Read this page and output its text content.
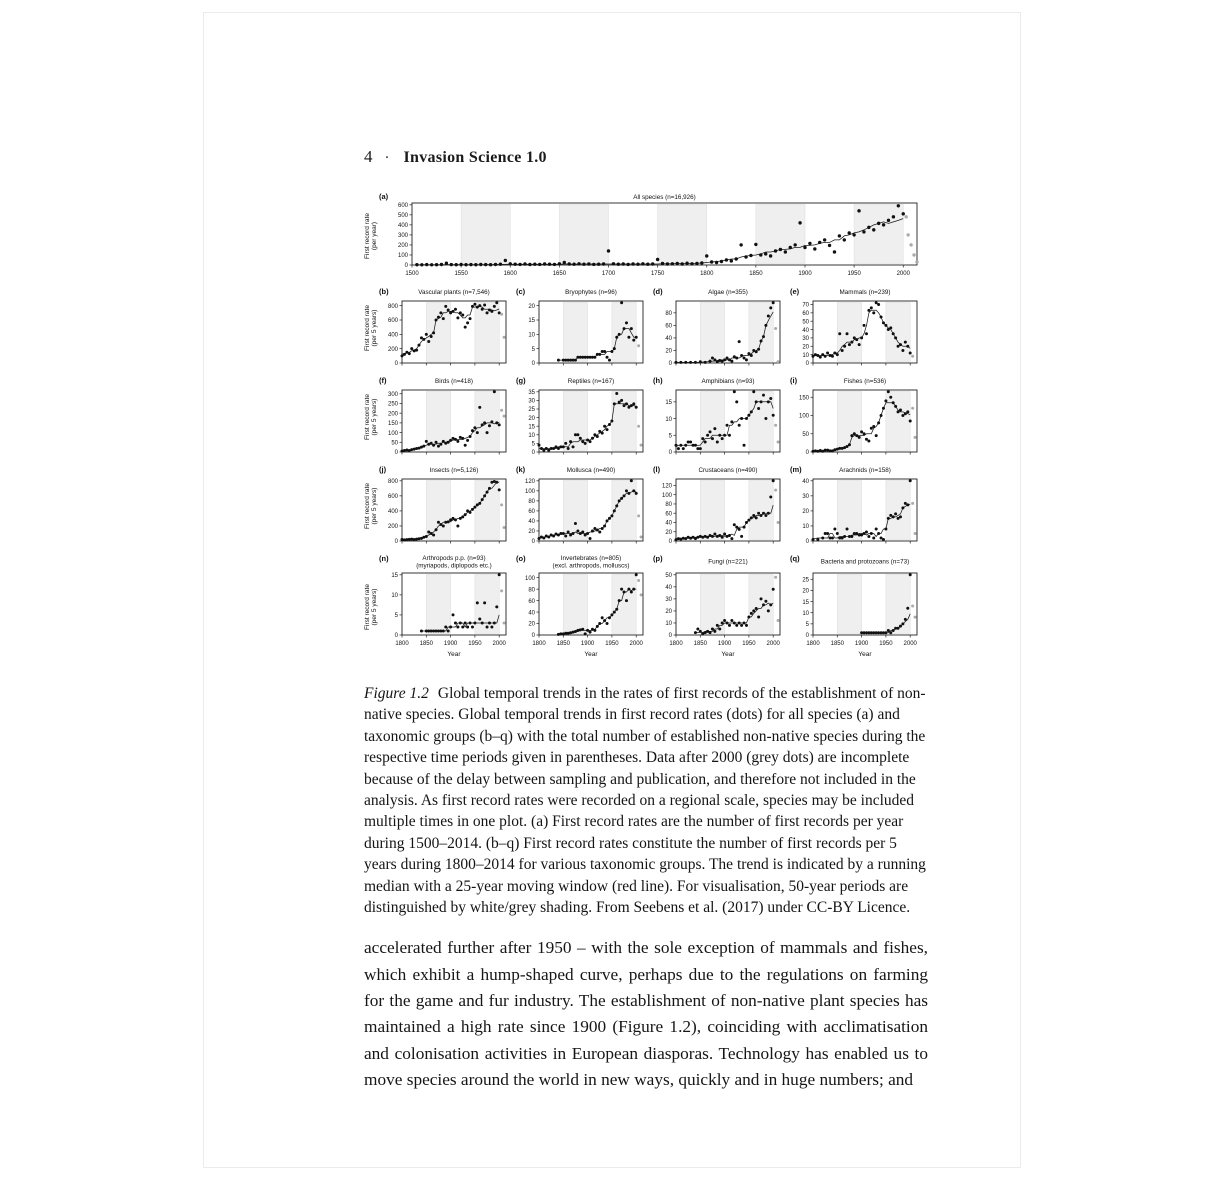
4 · Invasion Science 1.0
First record rate (per year)
0
100
200
300
400
500
600
1500	1550	1600	1650	1700	1750	1800	1850	1900	1950	2000
All species (n=16,926)
(a)
First record rate (per 5 years)
0
200
400
600
800
Vascular plants (n=7,546)
(b)
0
5
10
15
20
Bryophytes (n=96)
(c)
0
20
40
60
80
Algae (n=355)
(d)
0
10
20
30
40
50
60
70
Mammals (n=239)
(e)
First record rate (per 5 years)
0
50
100
150
200
250
300
Birds (n=418)
(f)
0
5
10
15
20
25
30
35
Reptiles (n=167)
(g)
0
5
10
15
Amphibians (n=93)
(h)
0
50
100
150
Fishes (n=536)
(i)
First record rate (per 5 years)
0
200
400
600
800
Insects (n=5,126)
(j)
0
20
40
60
80
100
120
Mollusca (n=490)
(k)
0
20
40
60
80
100
120
Crustaceans (n=490)
(l)
0
10
20
30
40
Arachnids (n=158)
(m)
First record rate (per 5 years)
0
5
10
15
1800 1850 1900 1950 2000
Year
Arthropods p.p. (n=93)
(myriapods, diplopods etc.)
(n)
0
20
40
60
80
100
1800 1850 1900 1950 2000
Year
Invertebrates (n=805)
(excl. arthropods, molluscs)
(o)
0
10
20
30
40
50
1800 1850 1900 1950 2000
Year
Fungi (n=221)
(p)
0
5
10
15
20
25
1800 1850 1900 1950 2000
Year
Bacteria and protozoans (n=73)
(q)

Figure 1.2 Global temporal trends in the rates of first records of the establishment of non-native species. Global temporal trends in first record rates (dots) for all species (a) and taxonomic groups (b–q) with the total number of established non-native species during the respective time periods given in parentheses. Data after 2000 (grey dots) are incomplete because of the delay between sampling and publication, and therefore not included in the analysis. As first record rates were recorded on a regional scale, species may be included multiple times in one plot. (a) First record rates are the number of first records per year during 1500–2014. (b–q) First record rates constitute the number of first records per 5 years during 1800–2014 for various taxonomic groups. The trend is indicated by a running median with a 25-year moving window (red line). For visualisation, 50-year periods are distinguished by white/grey shading. From Seebens et al. (2017) under CC-BY Licence.

accelerated further after 1950 – with the sole exception of mammals and fishes, which exhibit a hump-shaped curve, perhaps due to the regulations on farming for the game and fur industry. The establishment of non-native plant species has maintained a high rate since 1900 (Figure 1.2), coinciding with acclimatisation and colonisation activities in European diasporas. Technology has enabled us to move species around the world in new ways, quickly and in huge numbers; and
